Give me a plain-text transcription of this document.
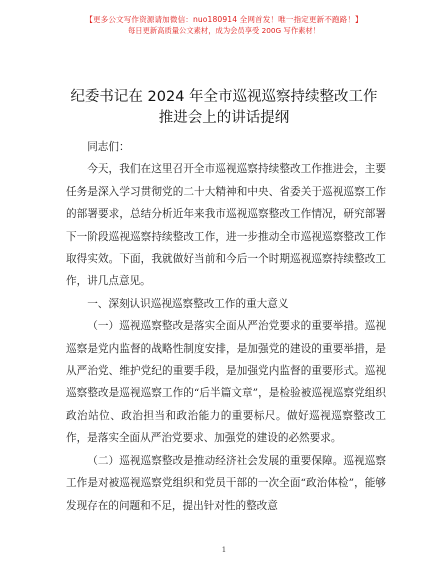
【更多公文写作资源请加微信：nuo180914 全网首发！唯一指定更新不跑路！】
每日更新高质量公文素材，成为会员享受 200G 写作素材！
纪委书记在 2024 年全市巡视巡察持续整改工作
推进会上的讲话提纲

同志们：

今天，我们在这里召开全市巡视巡察持续整改工作推进会，主要任务是深入学习贯彻党的二十大精神和中央、省委关于巡视巡察工作的部署要求，总结分析近年来我市巡视巡察整改工作情况，研究部署下一阶段巡视巡察持续整改工作，进一步推动全市巡视巡察整改工作取得实效。下面，我就做好当前和今后一个时期巡视巡察持续整改工作，讲几点意见。

一、深刻认识巡视巡察整改工作的重大意义

（一）巡视巡察整改是落实全面从严治党要求的重要举措。巡视巡察是党内监督的战略性制度安排，是加强党的建设的重要举措，是从严治党、维护党纪的重要手段，是加强党内监督的重要形式。巡视巡察整改是巡视巡察工作的“后半篇文章”，是检验被巡视巡察党组织政治站位、政治担当和政治能力的重要标尺。做好巡视巡察整改工作，是落实全面从严治党要求、加强党的建设的必然要求。

（二）巡视巡察整改是推动经济社会发展的重要保障。巡视巡察工作是对被巡视巡察党组织和党员干部的一次全面“政治体检”，能够发现存在的问题和不足，提出针对性的整改意

1
